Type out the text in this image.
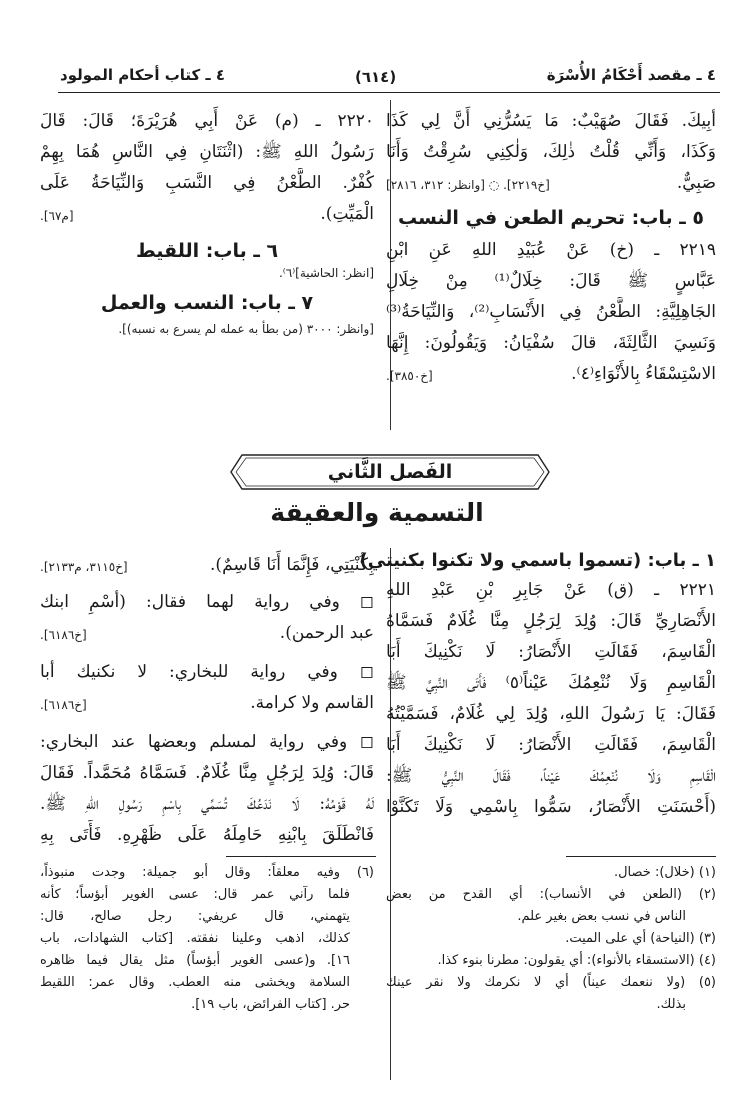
٤ ـ مقصد أَحْكَامُ الأُسْرَة
(٦١٤)
٤ ـ كتاب أحكام المولود
أبِيكَ. فَقَالَ صُهَيْبٌ: مَا يَسُرُّنِي أَنَّ لِي كَذَا
وَكَذَا، وَأَنِّي قُلْتُ ذٰلِكَ، وَلٰكِنِي سُرِقْتُ وَأَنَا
صَبِيٌّ.
[خ٢٢١٩]. ◌ [وانظر: ٣١٢، ٢٨١٦]
٥ ـ باب: تحريم الطعن في النسب
٢٢١٩ ـ (خ) عَنْ عُبَيْدِ اللهِ عَنِ ابْنِ
عَبَّاسٍ ﷺ قَالَ: خِلَالٌ⁽¹⁾ مِنْ خِلَالِ
الجَاهِلِيَّةِ: الطَّعْنُ فِي الأَنْسَابِ⁽²⁾، وَالنِّيَاحَةُ⁽³⁾
وَنَسِيَ الثَّالِثَةَ، قالَ سُفْيَانُ: وَيَقُولُونَ: إِنَّهَا
الاسْتِسْقَاءُ بِالأَنْوَاءِ⁽٤⁾.
[خ٣٨٥٠].
٢٢٢٠ ـ (م) عَنْ أَبِي هُرَيْرَةَ؛ قَالَ: قَالَ
رَسُولُ اللهِ ﷺ: (اثْنَتَانِ فِي النَّاسِ هُمَا بِهِمْ
كُفْرٌ. الطَّعْنُ فِي النَّسَبِ وَالنِّيَاحَةُ عَلَى
الْمَيِّتِ).
[م٦٧].
٦ ـ باب: اللقيط
[انظر: الحاشية]⁽٦⁾.
٧ ـ باب: النسب والعمل
[وانظر: ٣٠٠٠ (من بطأ به عمله لم يسرع به نسبه)].
الفَصل الثَّاني
التسمية والعقيقة
١ ـ باب: (تسموا باسمي ولا تكنوا بكنيتي)
٢٢٢١ ـ (ق) عَنْ جَابِرِ بْنِ عَبْدِ اللهِ
الأَنْصَارِيِّ قَالَ: وُلِدَ لِرَجُلٍ مِنَّا غُلَامٌ فَسَمَّاهُ
الْقَاسِمَ، فَقَالَتِ الأَنْصَارُ: لَا نَكْنِيكَ أَبَا
الْقَاسِمِ وَلَا نُنْعِمُكَ عَيْناً⁽٥⁾ فَأَتَى النَّبِيَّ ﷺ
فَقَالَ: يَا رَسُولَ اللهِ، وُلِدَ لِي غُلَامٌ، فَسَمَّيْتُهُ
الْقَاسِمَ، فَقَالَتِ الأَنْصَارُ: لَا نَكْنِيكَ أَبَا
الْقَاسِمِ وَلَا نُنْعِمُكَ عَيْناً، فَقَالَ النَّبِيُّ ﷺ:
(أَحْسَنَتِ الأَنْصَارُ، سَمُّوا بِاسْمِي وَلَا تَكَنَّوْا
بِكُنْيَتِي، فَإِنَّمَا أَنَا قَاسِمٌ).
[خ٣١١٥، م٢١٣٣].
◻ وفي رواية لهما فقال: (أسْمِ ابنك
عبد الرحمن).
[خ٦١٨٦].
◻ وفي رواية للبخاري: لا نكنيك أبا
القاسم ولا كرامة.
[خ٦١٨٦].
◻ وفي رواية لمسلم وبعضها عند البخاري:
قَالَ: وُلِدَ لِرَجُلٍ مِنَّا غُلَامٌ. فَسَمَّاهُ مُحَمَّداً. فَقَالَ
لَهُ قَوْمُهُ: لَا نَدَعُكَ تُسَمِّي بِاسْمِ رَسُولِ اللهِ ﷺ.
فَانْطَلَقَ بِابْنِهِ حَامِلَهُ عَلَى ظَهْرِهِ. فَأَتَى بِهِ
(١) (خلال): خصال.
(٢) (الطعن في الأنساب): أي القدح من بعض
الناس في نسب بعض بغير علم.
(٣) (النياحة) أي على الميت.
(٤) (الاستسقاء بالأنواء): أي يقولون: مطرنا بنوء كذا.
(٥) (ولا ننعمك عيناً) أي لا نكرمك ولا نقر عينك
بذلك.
(٦) وفيه معلقاً: وقال أبو جميلة: وجدت منبوذاً،
فلما رآني عمر قال: عسى الغوير أبؤساً؛ كأنه
يتهمني، قال عريفي: رجل صالح، قال:
كذلك، اذهب وعلينا نفقته. [كتاب الشهادات، باب
١٦]. و(عسى الغوير أبؤساً) مثل يقال فيما ظاهره
السلامة ويخشى منه العطب. وقال عمر: اللقيط
حر. [كتاب الفرائض، باب ١٩].
